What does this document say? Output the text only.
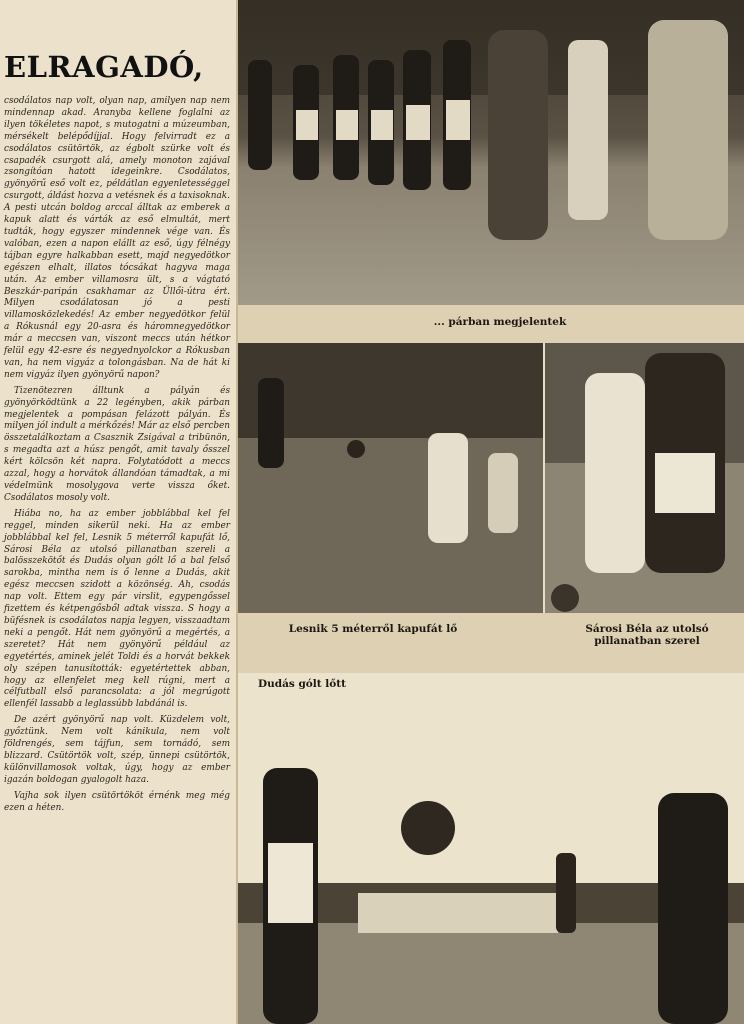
ELRAGADÓ,

csodálatos nap volt, olyan nap, amilyen nap nem mindennap akad. Aranyba kellene foglalni az ilyen tökéletes napot, s mutogatni a múzeumban, mérsékelt belépődíjjal. Hogy felvirradt ez a csodálatos csütörtök, az égbolt szürke volt és csapadék csurgott alá, amely monoton zajával zsongítóan hatott idegeinkre. Csodálatos, gyönyörű eső volt ez, példátlan egyenletességgel csurgott, áldást hozva a vetésnek és a taxisoknak. A pesti utcán boldog arccal álltak az emberek a kapuk alatt és várták az eső elmultát, mert tudták, hogy egyszer mindennek vége van. És valóban, ezen a napon elállt az eső, úgy félnégy tájban egyre halkabban esett, majd negyedötkor egészen elhalt, illatos tócsákat hagyva maga után. Az ember villamosra ült, s a vágtató Beszkár-paripán csakhamar az Üllői-útra ért. Milyen csodálatosan jó a pesti villamosközlekedés! Az ember negyedötkor felül a Rókusnál egy 20-asra és háromnegyedötkor már a meccsen van, viszont meccs után hétkor felül egy 42-esre és negyednyolckor a Rókusban van, ha nem vigyáz a tolongásban. Na de hát ki nem vigyáz ilyen gyönyörű napon?

Tizenötezren álltunk a pályán és gyönyörködtünk a 22 legényben, akik párban megjelentek a pompásan felázott pályán. És milyen jól indult a mérkőzés! Már az első percben összetalálkoztam a Csasznik Zsigával a tribünön, s megadta azt a húsz pengőt, amit tavaly ősszel kért kölcsön két napra. Folytatódott a meccs azzal, hogy a horvátok állandóan támadtak, a mi védelmünk mosolygova verte vissza őket. Csodálatos mosoly volt.

Hiába no, ha az ember jobblábbal kel fel reggel, minden sikerül neki. Ha az ember jobblábbal kel fel, Lesnik 5 méterről kapufát lő, Sárosi Béla az utolsó pillanatban szereli a balösszekötőt és Dudás olyan gólt lő a bal felső sarokba, mintha nem is ő lenne a Dudás, akit egész meccsen szidott a közönség. Ah, csodás nap volt. Ettem egy pár virslit, egypengőssel fizettem és kétpengősből adtak vissza. S hogy a büfésnek is csodálatos napja legyen, visszaadtam neki a pengőt. Hát nem gyönyörű a megértés, a szeretet? Hát nem gyönyörű például az egyetértés, aminek jelét Toldi és a horvát bekkek oly szépen tanusították: egyetértettek abban, hogy az ellenfelet meg kell rúgni, mert a célfutball első parancsolata: a jól megrúgott ellenfél lassabb a leglassúbb labdánál is.

De azért gyönyörű nap volt. Küzdelem volt, győztünk. Nem volt kánikula, nem volt földrengés, sem tájfun, sem tornádó, sem blizzard. Csütörtök volt, szép, ünnepi csütörtök, különvillamosok voltak, úgy, hogy az ember igazán boldogan gyalogolt haza.

Vajha sok ilyen csütörtököt érnénk meg még ezen a héten.

... párban megjelentek
Lesnik 5 méterről kapufát lő	Sárosi Béla az utolsó pillanatban szerel
Dudás gólt lőtt
